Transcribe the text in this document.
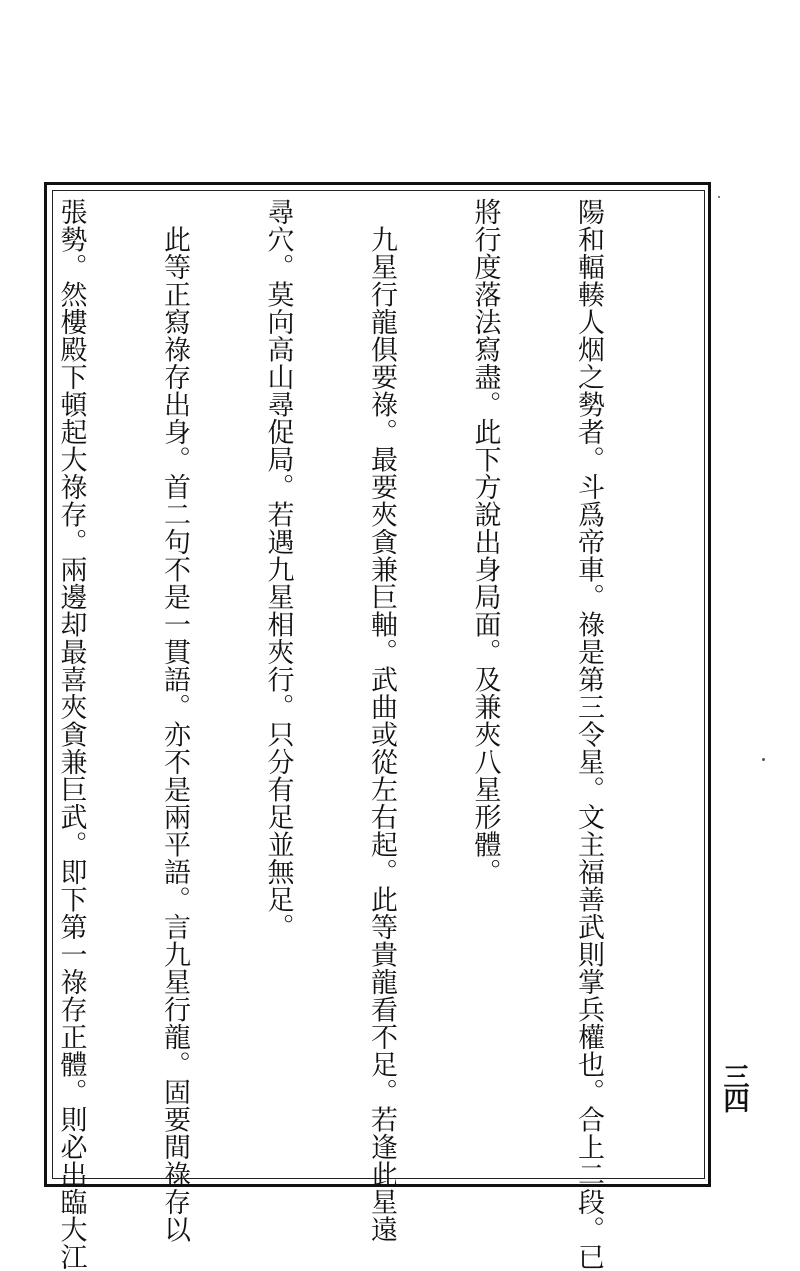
陽和輻輳人烟之勢者。斗爲帝車。祿是第三令星。文主福善武則掌兵權也。合上二段。已

將行度落法寫盡。此下方說出身局面。及兼夾八星形體。

　九星行龍俱要祿。最要夾貪兼巨軸。武曲或從左右起。此等貴龍看不足。若逢此星遠

尋穴。莫向高山尋促局。若遇九星相夾行。只分有足並無足。

　此等正寫祿存出身。首二句不是一貫語。亦不是兩平語。言九星行龍。固要間祿存以

張勢。然樓殿下頓起大祿存。兩邊却最喜夾貪兼巨武。即下第一祿存正體。則必出臨大江

	三四
